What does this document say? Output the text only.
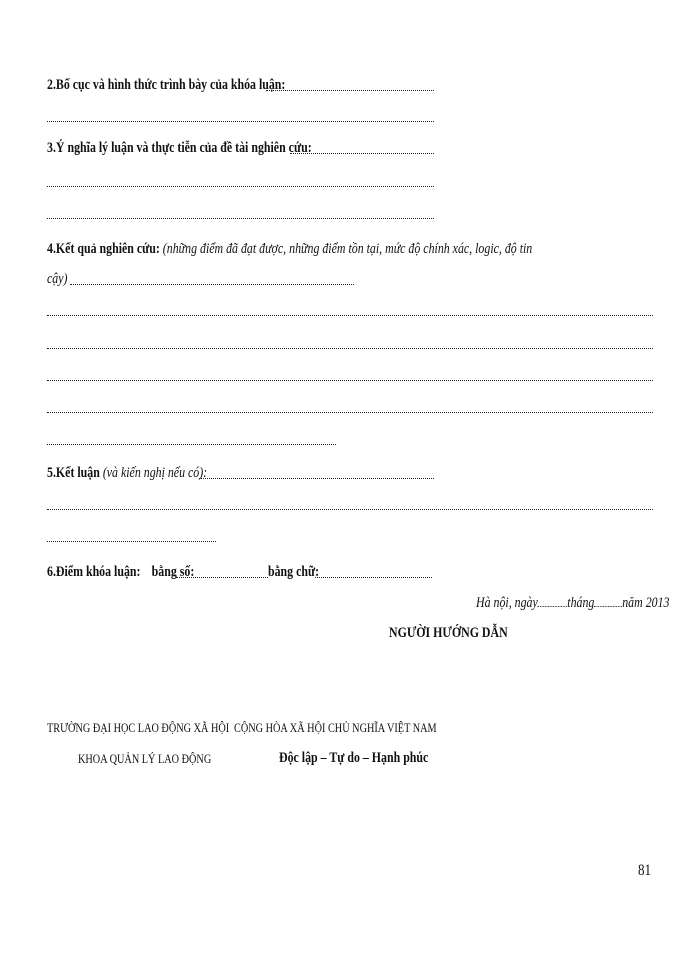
2.Bố cục và hình thức trình bày của khóa luận:
3.Ý nghĩa lý luận và thực tiễn của đề tài nghiên cứu:
4.Kết quả nghiên cứu: (những điểm đã đạt được, những điểm tồn tại, mức độ chính xác, logic, độ tin
cậy)
5.Kết luận (và kiến nghị nếu có):
6.Điểm khóa luận: bằng số:	bằng chữ:
Hà nội, ngày tháng năm 2013
NGƯỜI HƯỚNG DẪN
TRƯỜNG ĐẠI HỌC LAO ĐỘNG XÃ HỘI CỘNG HÒA XÃ HỘI CHỦ NGHĨA VIỆT NAM
KHOA QUẢN LÝ LAO ĐỘNG	Độc lập – Tự do – Hạnh phúc
81
